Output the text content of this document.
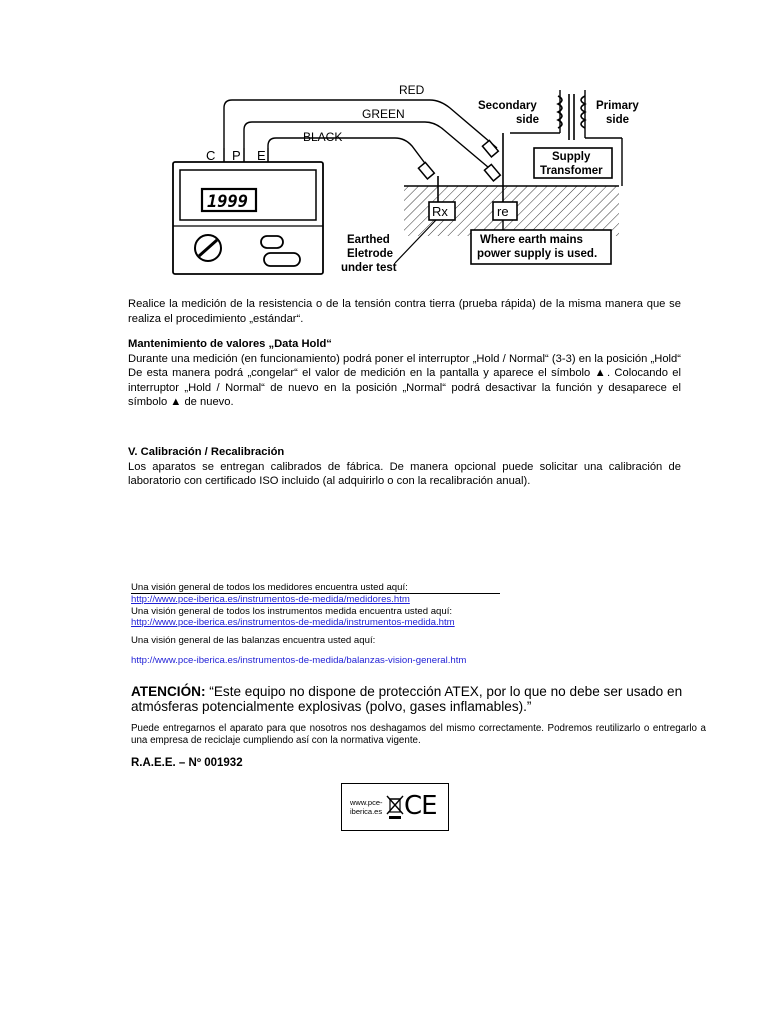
1999
C P E
RED
GREEN
BLACK
Rx	re
Earthed
Eletrode
under test
Where earth mains
power supply is used.
Secondary
side
Primary
side
Supply
Transfomer

Realice la medición de la resistencia o de la tensión contra tierra (prueba rápida) de la misma manera que se realiza el procedimiento „estándar“.

Mantenimiento de valores „Data Hold“

Durante una medición (en funcionamiento) podrá poner el interruptor „Hold / Normal“ (3-3) en la posición „Hold“ De esta manera podrá „congelar“ el valor de medición en la pantalla y aparece el símbolo ▲. Colocando el interruptor „Hold / Normal“ de nuevo en la posición „Normal“ podrá desactivar la función y desaparece el símbolo ▲ de nuevo.

V. Calibración / Recalibración

Los aparatos se entregan calibrados de fábrica. De manera opcional puede solicitar una calibración de laboratorio con certificado ISO incluido (al adquirirlo o con la recalibración anual).

Una visión general de todos los medidores encuentra usted aquí:

http://www.pce-iberica.es/instrumentos-de-medida/medidores.htm

Una visión general de todos los instrumentos medida encuentra usted aquí:

http://www.pce-iberica.es/instrumentos-de-medida/instrumentos-medida.htm

Una visión general de las balanzas encuentra usted aquí:

http://www.pce-iberica.es/instrumentos-de-medida/balanzas-vision-general.htm

ATENCIÓN: “Este equipo no dispone de protección ATEX, por lo que no debe ser usado en atmósferas potencialmente explosivas (polvo, gases inflamables).”

Puede entregarnos el aparato para que nosotros nos deshagamos del mismo correctamente. Podremos reutilizarlo o entregarlo a una empresa de reciclaje cumpliendo así con la normativa vigente.

R.A.E.E. – Nº 001932

www.pce-
iberica.es CE
